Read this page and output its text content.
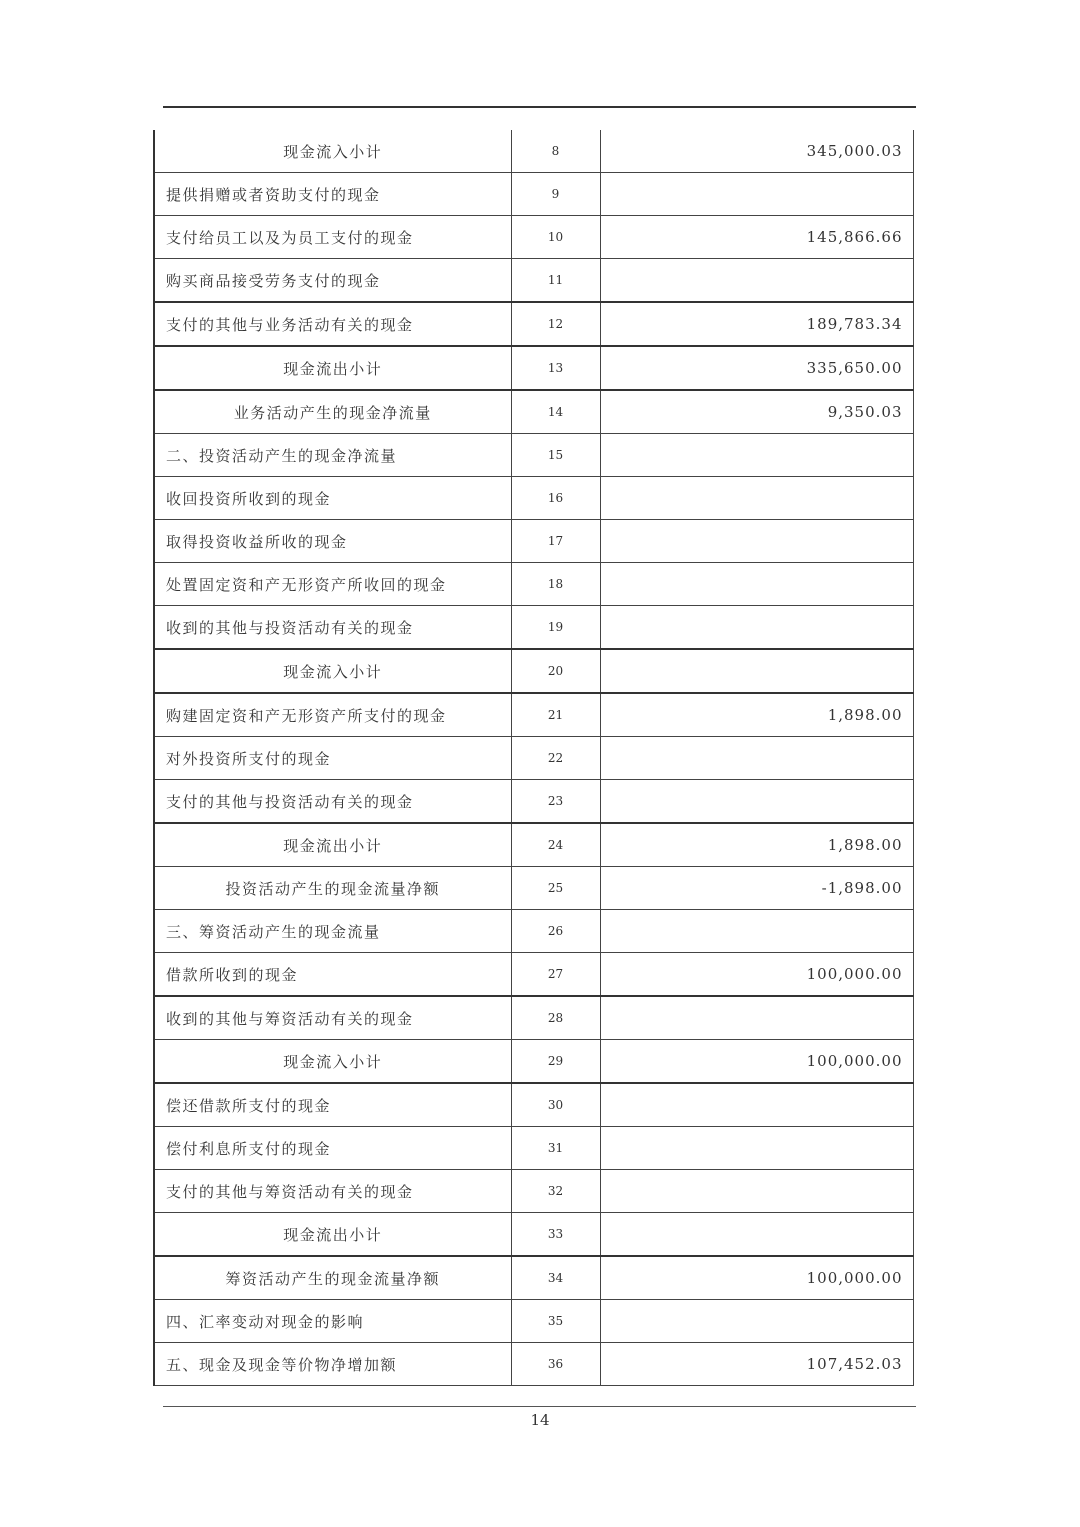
现金流入小计	8	345,000.03
提供捐赠或者资助支付的现金	9	
支付给员工以及为员工支付的现金	10	145,866.66
购买商品接受劳务支付的现金	11	
支付的其他与业务活动有关的现金	12	189,783.34
现金流出小计	13	335,650.00
业务活动产生的现金净流量	14	9,350.03
二、投资活动产生的现金净流量	15	
收回投资所收到的现金	16	
取得投资收益所收的现金	17	
处置固定资和产无形资产所收回的现金	18	
收到的其他与投资活动有关的现金	19	
现金流入小计	20	
购建固定资和产无形资产所支付的现金	21	1,898.00
对外投资所支付的现金	22	
支付的其他与投资活动有关的现金	23	
现金流出小计	24	1,898.00
投资活动产生的现金流量净额	25	-1,898.00
三、筹资活动产生的现金流量	26	
借款所收到的现金	27	100,000.00
收到的其他与筹资活动有关的现金	28	
现金流入小计	29	100,000.00
偿还借款所支付的现金	30	
偿付利息所支付的现金	31	
支付的其他与筹资活动有关的现金	32	
现金流出小计	33	
筹资活动产生的现金流量净额	34	100,000.00
四、汇率变动对现金的影响	35	
五、现金及现金等价物净增加额	36	107,452.03
14
